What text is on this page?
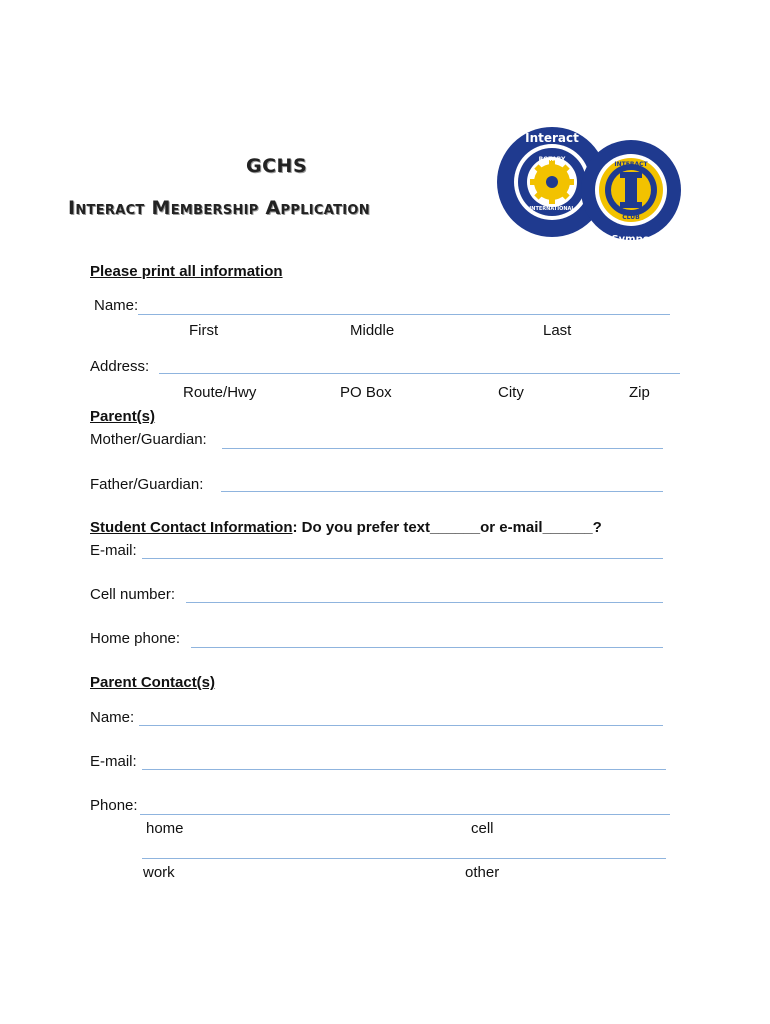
GCHS
Interact Membership Application
ROTARY
INTERNATIONAL
Interact
INTERACT
CLUB
Symposium
Please print all information
Name:
First	Middle	Last
Address:
Route/Hwy	PO Box	City	Zip
Parent(s)
Mother/Guardian:
Father/Guardian:
Student Contact Information: Do you prefer text______or e-mail______?
E-mail:
Cell number:
Home phone:
Parent Contact(s)
Name:
E-mail:
Phone:
home	cell
work	other
